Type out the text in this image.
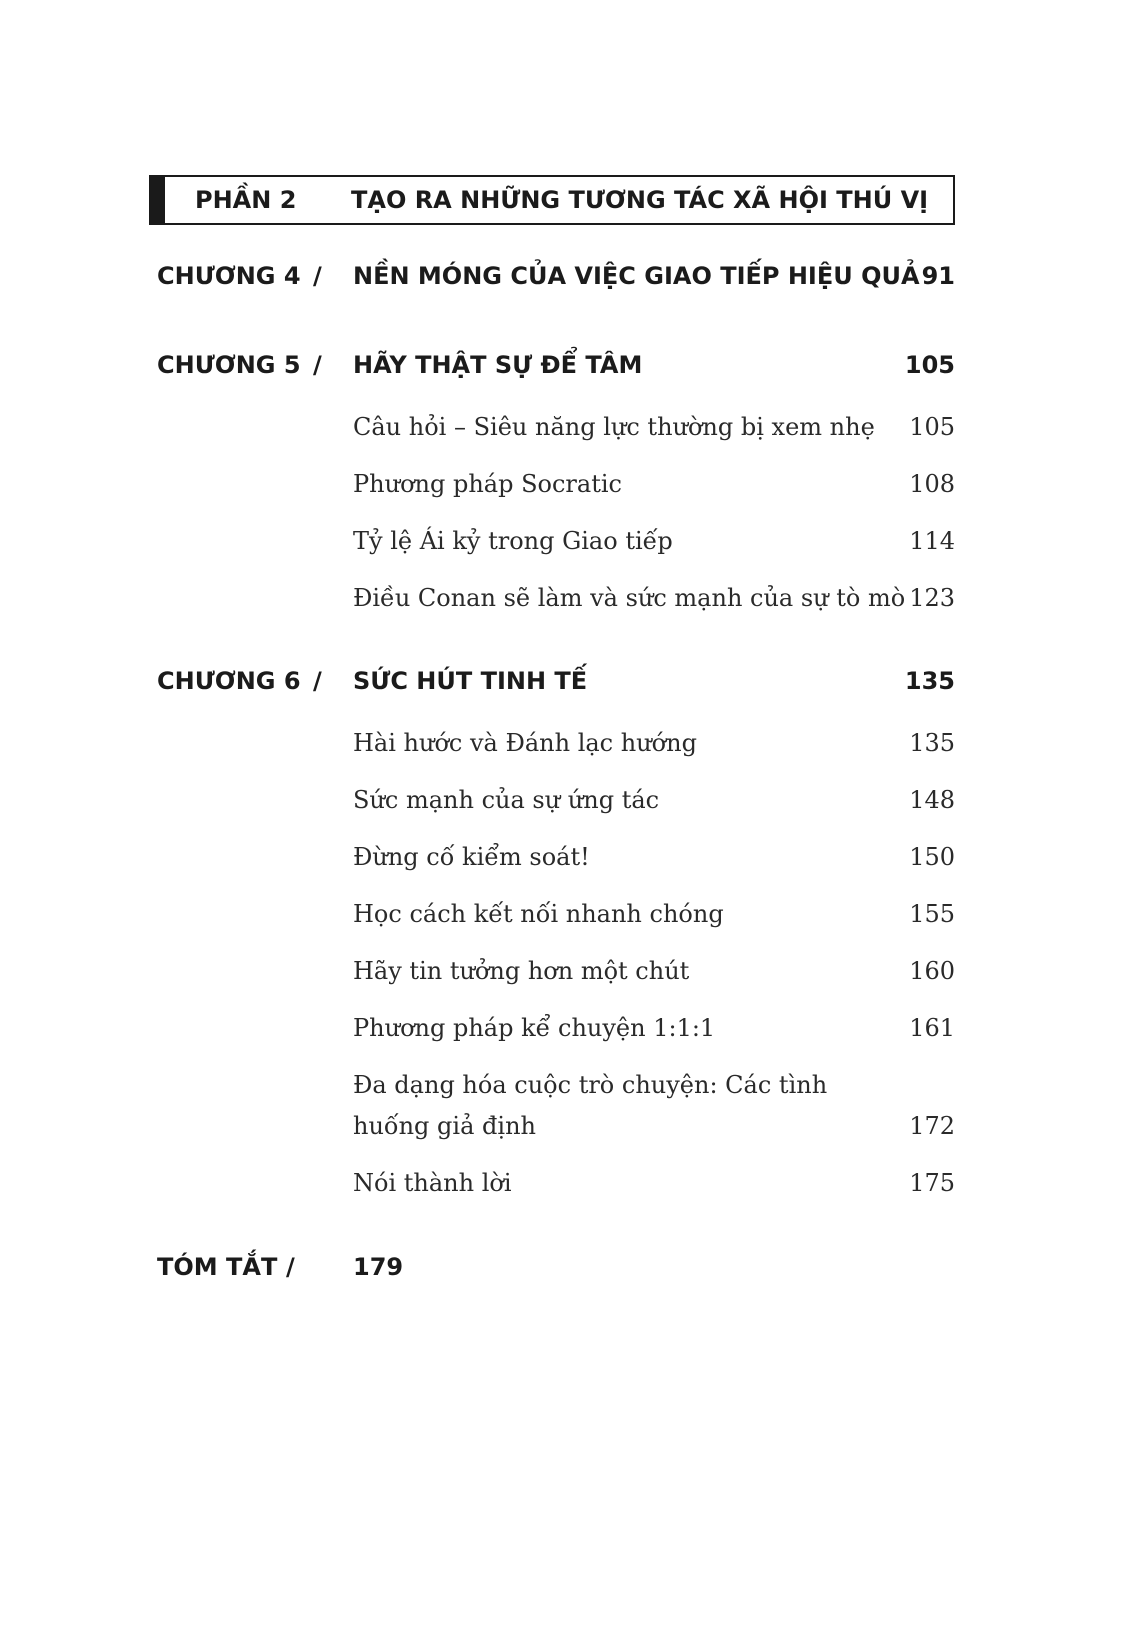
PHẦN 2 TẠO RA NHỮNG TƯƠNG TÁC XÃ HỘI THÚ VỊ
CHƯƠNG 4 / NỀN MÓNG CỦA VIỆC GIAO TIẾP HIỆU QUẢ 91
CHƯƠNG 5 / HÃY THẬT SỰ ĐỂ TÂM	105
Câu hỏi – Siêu năng lực thường bị xem nhẹ 105
Phương pháp Socratic	108
Tỷ lệ Ái kỷ trong Giao tiếp	114
Điều Conan sẽ làm và sức mạnh của sự tò mò 123
CHƯƠNG 6 / SỨC HÚT TINH TẾ	135
Hài hước và Đánh lạc hướng	135
Sức mạnh của sự ứng tác	148
Đừng cố kiểm soát!	150
Học cách kết nối nhanh chóng	155
Hãy tin tưởng hơn một chút	160
Phương pháp kể chuyện 1:1:1	161
Đa dạng hóa cuộc trò chuyện: Các tình huống giả định	172
Nói thành lời	175
TÓM TẮT / 179
